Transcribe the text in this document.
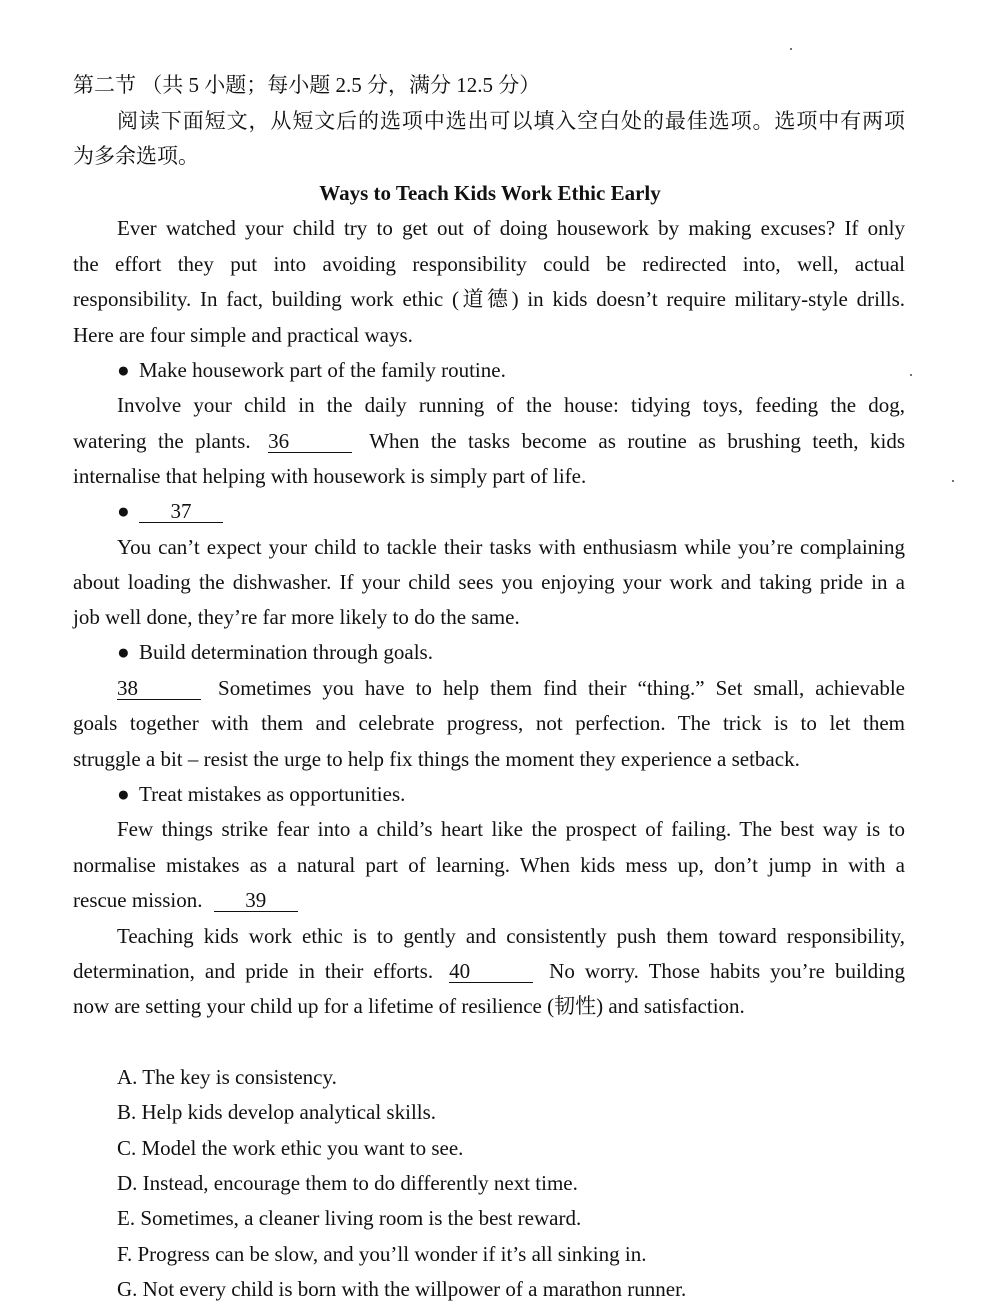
第二节 （共 5 小题；每小题 2.5 分，满分 12.5 分）
阅读下面短文，从短文后的选项中选出可以填入空白处的最佳选项。选项中有两项
为多余选项。
Ways to Teach Kids Work Ethic Early
Ever watched your child try to get out of doing housework by making excuses? If only
the effort they put into avoiding responsibility could be redirected into, well, actual
responsibility. In fact, building work ethic (道德) in kids doesn’t require military-style drills.
Here are four simple and practical ways.
● Make housework part of the family routine.
Involve your child in the daily running of the house: tidying toys, feeding the dog,
watering the plants. 36	When the tasks become as routine as brushing teeth, kids
internalise that helping with housework is simply part of life.
● 37
You can’t expect your child to tackle their tasks with enthusiasm while you’re complaining
about loading the dishwasher. If your child sees you enjoying your work and taking pride in a
job well done, they’re far more likely to do the same.
● Build determination through goals.
38	Sometimes you have to help them find their “thing.” Set small, achievable
goals together with them and celebrate progress, not perfection. The trick is to let them
struggle a bit – resist the urge to help fix things the moment they experience a setback.
● Treat mistakes as opportunities.
Few things strike fear into a child’s heart like the prospect of failing. The best way is to
normalise mistakes as a natural part of learning. When kids mess up, don’t jump in with a
rescue mission. 39
Teaching kids work ethic is to gently and consistently push them toward responsibility,
determination, and pride in their efforts. 40	No worry. Those habits you’re building
now are setting your child up for a lifetime of resilience (韧性) and satisfaction.
A. The key is consistency.
B. Help kids develop analytical skills.
C. Model the work ethic you want to see.
D. Instead, encourage them to do differently next time.
E. Sometimes, a cleaner living room is the best reward.
F. Progress can be slow, and you’ll wonder if it’s all sinking in.
G. Not every child is born with the willpower of a marathon runner.
